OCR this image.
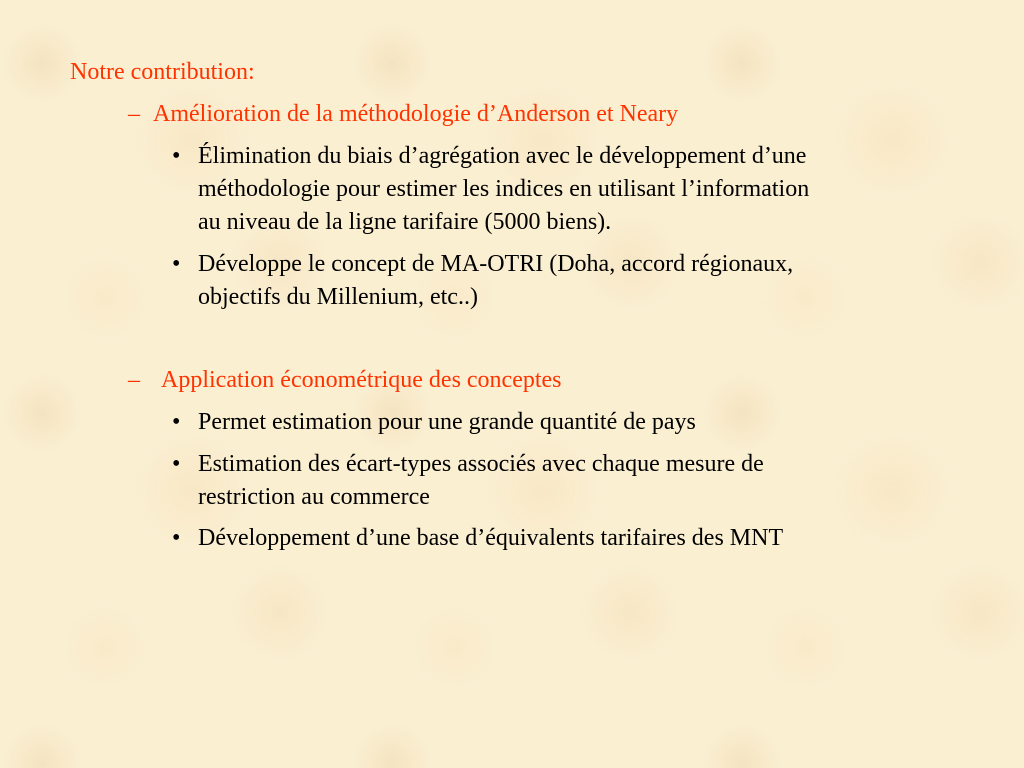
Notre contribution:
– Amélioration de la méthodologie d’Anderson et Neary
• Élimination du biais d’agrégation avec le développement d’une
méthodologie pour estimer les indices en utilisant l’information
au niveau de la ligne tarifaire (5000 biens).
• Développe le concept de MA-OTRI (Doha, accord régionaux,
objectifs du Millenium, etc..)
– Application économétrique des conceptes
• Permet estimation pour une grande quantité de pays
• Estimation des écart-types associés avec chaque mesure de
restriction au commerce
• Développement d’une base d’équivalents tarifaires des MNT
